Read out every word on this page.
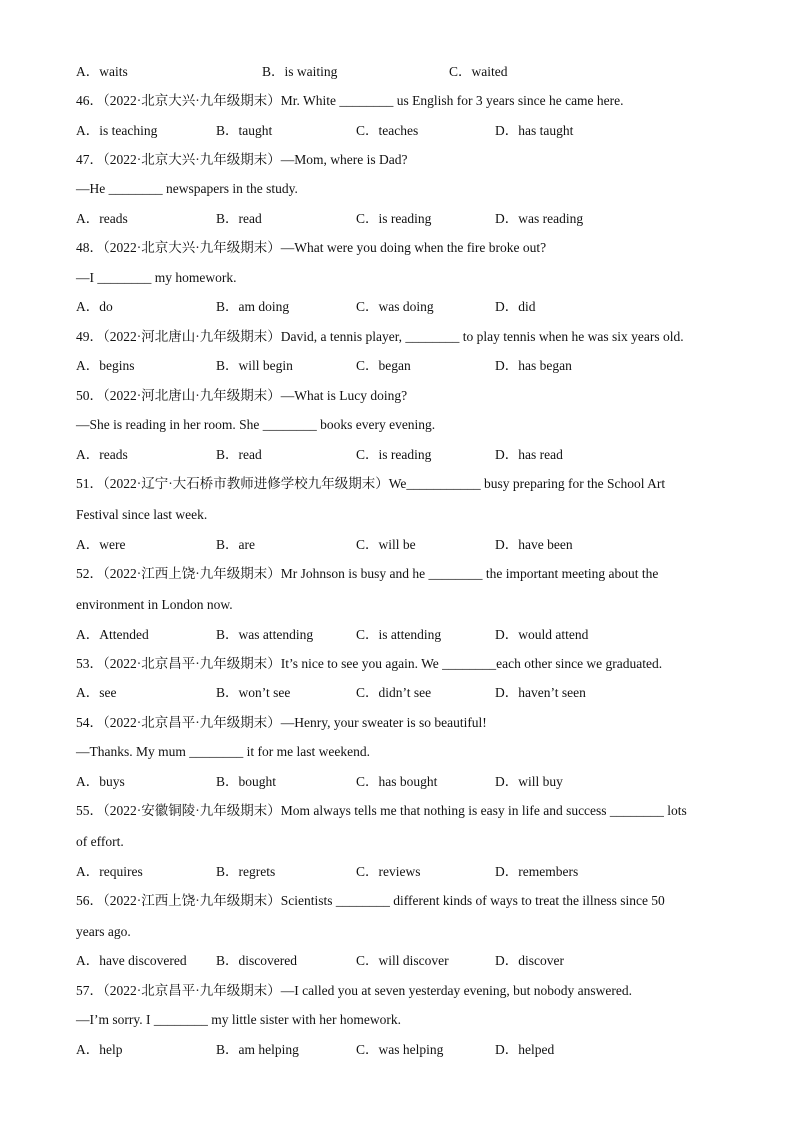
A．waits	B．is waiting	C．waited
46．（2022·北京大兴·九年级期末）Mr. White ________ us English for 3 years since he came here.
A．is teaching	B．taught	C．teaches	D．has taught
47．（2022·北京大兴·九年级期末）—Mom, where is Dad?
—He ________ newspapers in the study.
A．reads	B．read	C．is reading	D．was reading
48．（2022·北京大兴·九年级期末）—What were you doing when the fire broke out?
—I ________ my homework.
A．do	B．am doing	C．was doing	D．did
49．（2022·河北唐山·九年级期末）David, a tennis player, ________ to play tennis when he was six years old.
A．begins	B．will begin	C．began	D．has began
50．（2022·河北唐山·九年级期末）—What is Lucy doing?
—She is reading in her room. She ________ books every evening.
A．reads	B．read	C．is reading	D．has read
51．（2022·辽宁·大石桥市教师进修学校九年级期末）We___________ busy preparing for the School Art
Festival since last week.
A．were	B．are	C．will be	D．have been
52．（2022·江西上饶·九年级期末）Mr Johnson is busy and he ________ the important meeting about the
environment in London now.
A．Attended	B．was attending	C．is attending	D．would attend
53．（2022·北京昌平·九年级期末）It’s nice to see you again. We ________each other since we graduated.
A．see	B．won’t see	C．didn’t see	D．haven’t seen
54．（2022·北京昌平·九年级期末）—Henry, your sweater is so beautiful!
—Thanks. My mum ________ it for me last weekend.
A．buys	B．bought	C．has bought	D．will buy
55．（2022·安徽铜陵·九年级期末）Mom always tells me that nothing is easy in life and success ________ lots
of effort.
A．requires	B．regrets	C．reviews	D．remembers
56．（2022·江西上饶·九年级期末）Scientists ________ different kinds of ways to treat the illness since 50
years ago.
A．have discovered B．discovered	C．will discover	D．discover
57．（2022·北京昌平·九年级期末）—I called you at seven yesterday evening, but nobody answered.
—I’m sorry. I ________ my little sister with her homework.
A．help	B．am helping	C．was helping	D．helped
